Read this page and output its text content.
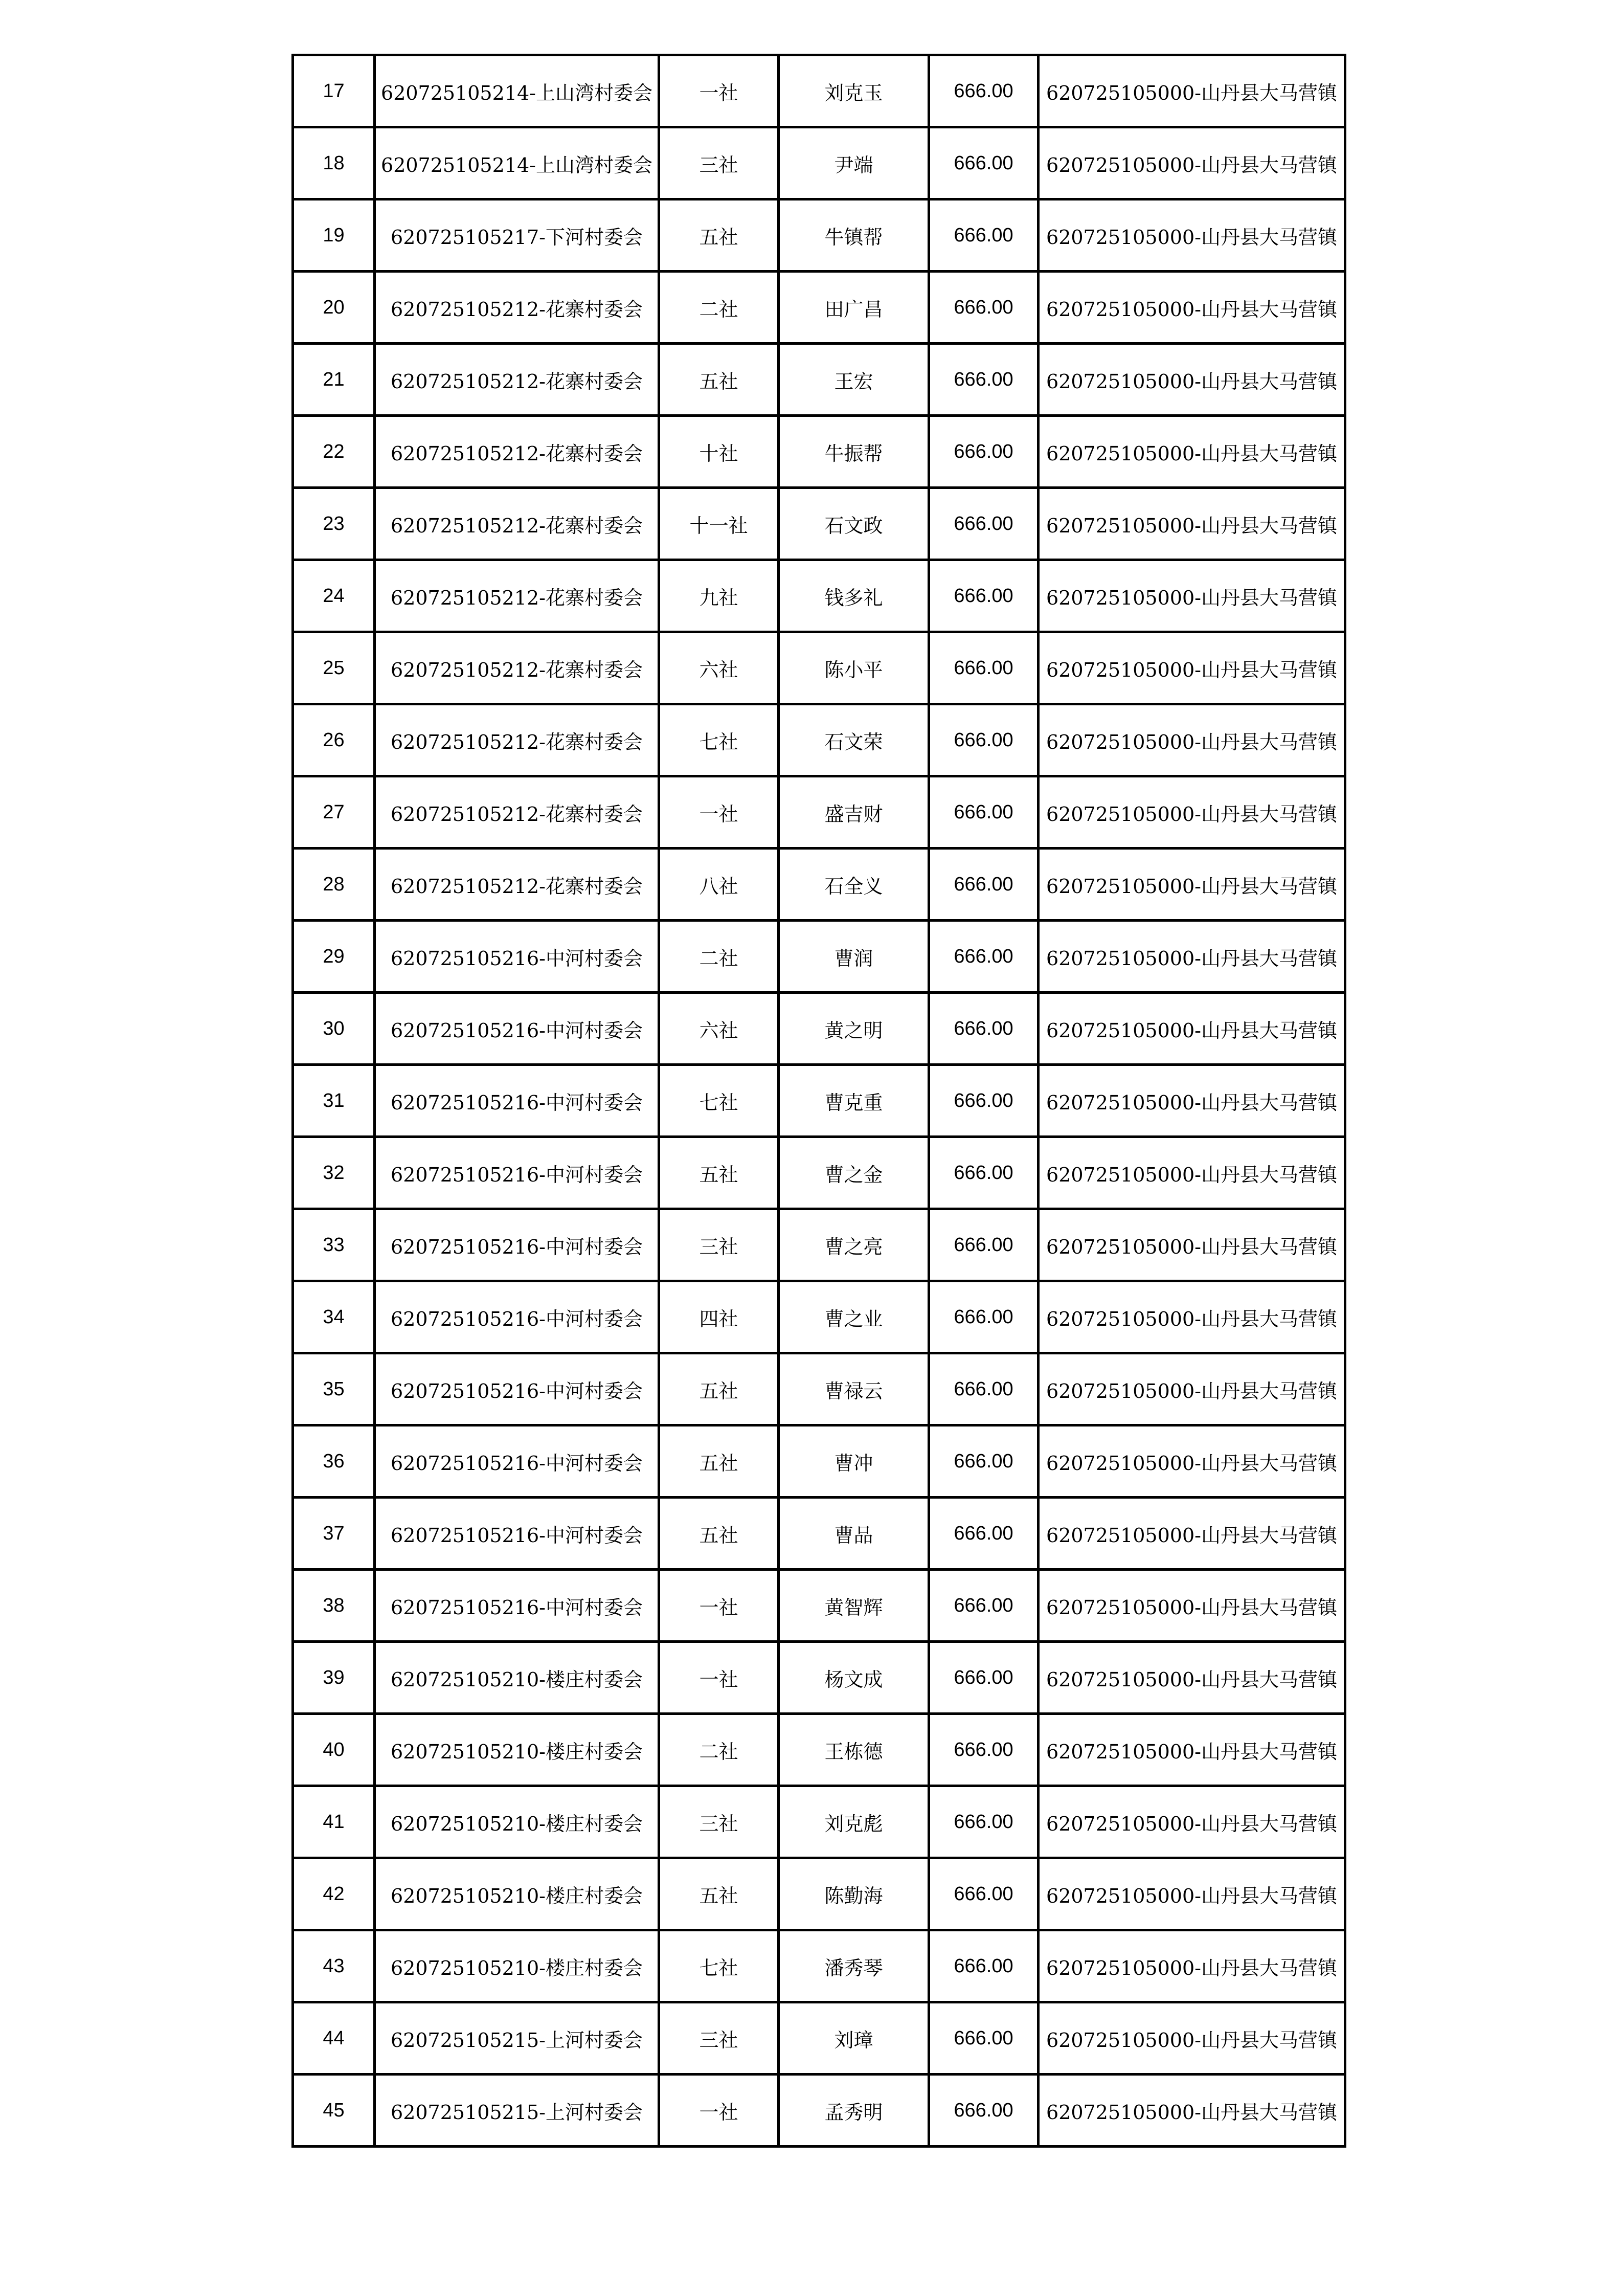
17	620725105214-上山湾村委会	一社	刘克玉	666.00	620725105000-山丹县大马营镇
18	620725105214-上山湾村委会	三社	尹端	666.00	620725105000-山丹县大马营镇
19	620725105217-下河村委会	五社	牛镇帮	666.00	620725105000-山丹县大马营镇
20	620725105212-花寨村委会	二社	田广昌	666.00	620725105000-山丹县大马营镇
21	620725105212-花寨村委会	五社	王宏	666.00	620725105000-山丹县大马营镇
22	620725105212-花寨村委会	十社	牛振帮	666.00	620725105000-山丹县大马营镇
23	620725105212-花寨村委会	十一社	石文政	666.00	620725105000-山丹县大马营镇
24	620725105212-花寨村委会	九社	钱多礼	666.00	620725105000-山丹县大马营镇
25	620725105212-花寨村委会	六社	陈小平	666.00	620725105000-山丹县大马营镇
26	620725105212-花寨村委会	七社	石文荣	666.00	620725105000-山丹县大马营镇
27	620725105212-花寨村委会	一社	盛吉财	666.00	620725105000-山丹县大马营镇
28	620725105212-花寨村委会	八社	石全义	666.00	620725105000-山丹县大马营镇
29	620725105216-中河村委会	二社	曹润	666.00	620725105000-山丹县大马营镇
30	620725105216-中河村委会	六社	黄之明	666.00	620725105000-山丹县大马营镇
31	620725105216-中河村委会	七社	曹克重	666.00	620725105000-山丹县大马营镇
32	620725105216-中河村委会	五社	曹之金	666.00	620725105000-山丹县大马营镇
33	620725105216-中河村委会	三社	曹之亮	666.00	620725105000-山丹县大马营镇
34	620725105216-中河村委会	四社	曹之业	666.00	620725105000-山丹县大马营镇
35	620725105216-中河村委会	五社	曹禄云	666.00	620725105000-山丹县大马营镇
36	620725105216-中河村委会	五社	曹冲	666.00	620725105000-山丹县大马营镇
37	620725105216-中河村委会	五社	曹品	666.00	620725105000-山丹县大马营镇
38	620725105216-中河村委会	一社	黄智辉	666.00	620725105000-山丹县大马营镇
39	620725105210-楼庄村委会	一社	杨文成	666.00	620725105000-山丹县大马营镇
40	620725105210-楼庄村委会	二社	王栋德	666.00	620725105000-山丹县大马营镇
41	620725105210-楼庄村委会	三社	刘克彪	666.00	620725105000-山丹县大马营镇
42	620725105210-楼庄村委会	五社	陈勤海	666.00	620725105000-山丹县大马营镇
43	620725105210-楼庄村委会	七社	潘秀琴	666.00	620725105000-山丹县大马营镇
44	620725105215-上河村委会	三社	刘璋	666.00	620725105000-山丹县大马营镇
45	620725105215-上河村委会	一社	孟秀明	666.00	620725105000-山丹县大马营镇
